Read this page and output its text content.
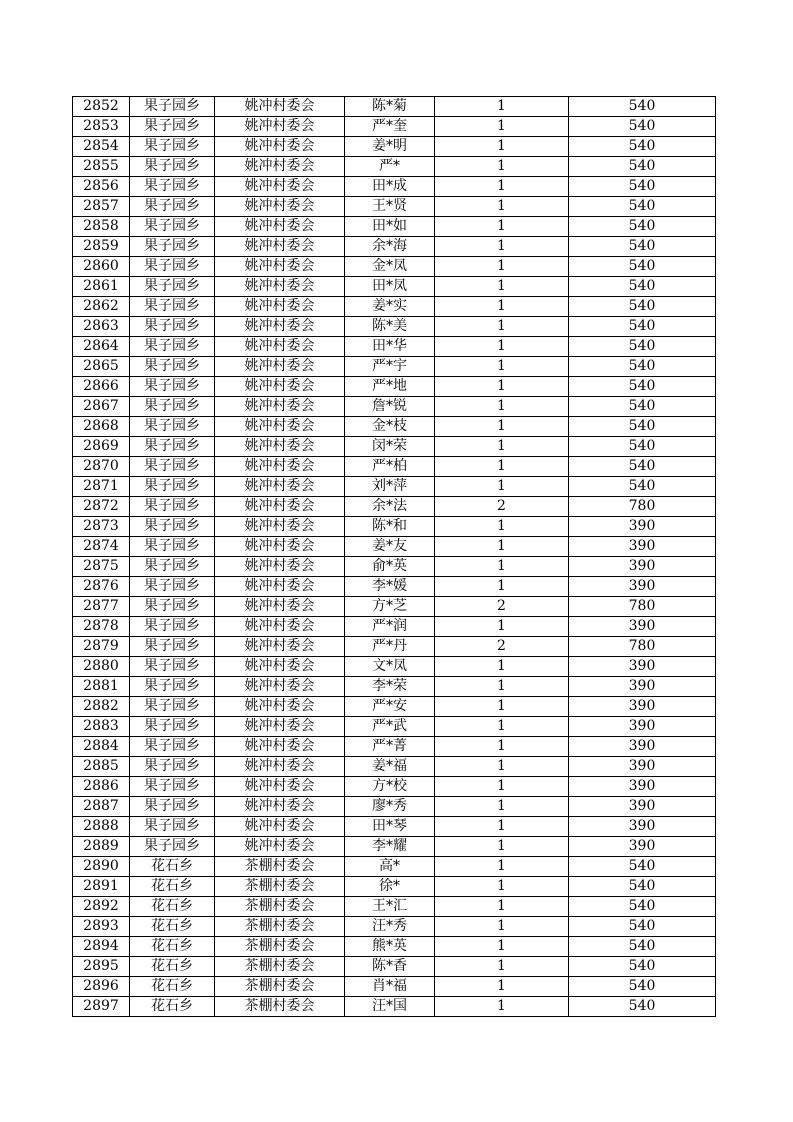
2852	果子园乡	姚冲村委会	陈*菊	1	540
2853	果子园乡	姚冲村委会	严*奎	1	540
2854	果子园乡	姚冲村委会	姜*明	1	540
2855	果子园乡	姚冲村委会	严*	1	540
2856	果子园乡	姚冲村委会	田*成	1	540
2857	果子园乡	姚冲村委会	王*贤	1	540
2858	果子园乡	姚冲村委会	田*如	1	540
2859	果子园乡	姚冲村委会	余*海	1	540
2860	果子园乡	姚冲村委会	金*凤	1	540
2861	果子园乡	姚冲村委会	田*凤	1	540
2862	果子园乡	姚冲村委会	姜*实	1	540
2863	果子园乡	姚冲村委会	陈*美	1	540
2864	果子园乡	姚冲村委会	田*华	1	540
2865	果子园乡	姚冲村委会	严*宇	1	540
2866	果子园乡	姚冲村委会	严*地	1	540
2867	果子园乡	姚冲村委会	詹*锐	1	540
2868	果子园乡	姚冲村委会	金*枝	1	540
2869	果子园乡	姚冲村委会	闵*荣	1	540
2870	果子园乡	姚冲村委会	严*柏	1	540
2871	果子园乡	姚冲村委会	刘*萍	1	540
2872	果子园乡	姚冲村委会	余*法	2	780
2873	果子园乡	姚冲村委会	陈*和	1	390
2874	果子园乡	姚冲村委会	姜*友	1	390
2875	果子园乡	姚冲村委会	俞*英	1	390
2876	果子园乡	姚冲村委会	李*媛	1	390
2877	果子园乡	姚冲村委会	方*芝	2	780
2878	果子园乡	姚冲村委会	严*润	1	390
2879	果子园乡	姚冲村委会	严*丹	2	780
2880	果子园乡	姚冲村委会	文*凤	1	390
2881	果子园乡	姚冲村委会	李*荣	1	390
2882	果子园乡	姚冲村委会	严*安	1	390
2883	果子园乡	姚冲村委会	严*武	1	390
2884	果子园乡	姚冲村委会	严*菁	1	390
2885	果子园乡	姚冲村委会	姜*福	1	390
2886	果子园乡	姚冲村委会	方*校	1	390
2887	果子园乡	姚冲村委会	廖*秀	1	390
2888	果子园乡	姚冲村委会	田*琴	1	390
2889	果子园乡	姚冲村委会	李*耀	1	390
2890	花石乡	茶棚村委会	高*	1	540
2891	花石乡	茶棚村委会	徐*	1	540
2892	花石乡	茶棚村委会	王*汇	1	540
2893	花石乡	茶棚村委会	汪*秀	1	540
2894	花石乡	茶棚村委会	熊*英	1	540
2895	花石乡	茶棚村委会	陈*香	1	540
2896	花石乡	茶棚村委会	肖*福	1	540
2897	花石乡	茶棚村委会	汪*国	1	540
